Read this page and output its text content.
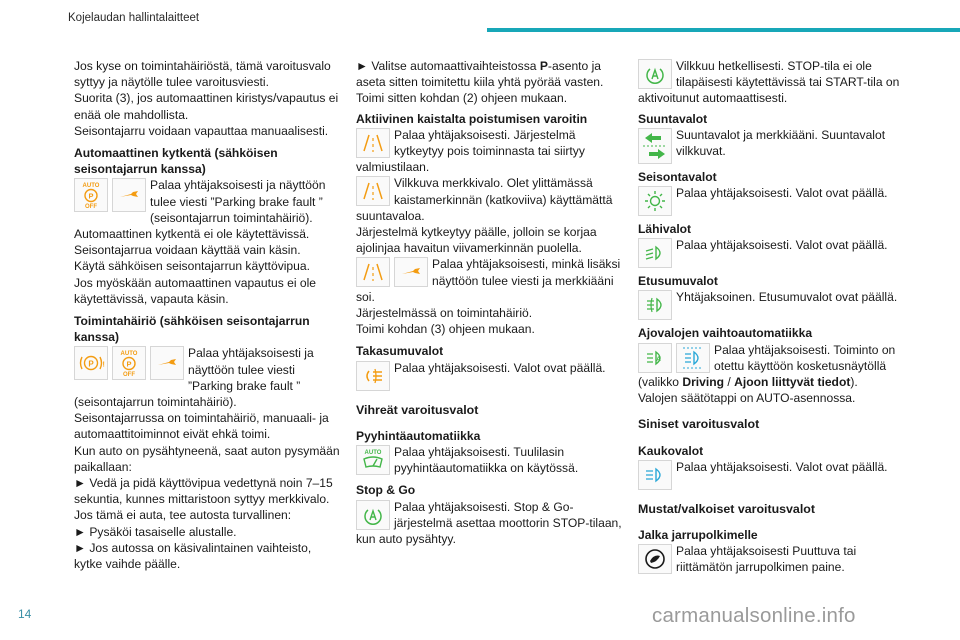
Kojelaudan hallintalaitteet

Jos kyse on toimintahäiriöstä, tämä varoitusvalo syttyy ja näytölle tulee varoitusviesti.

Suorita (3), jos automaattinen kiristys/vapautus ei enää ole mahdollista.

Seisontajarru voidaan vapauttaa manuaalisesti.

Automaattinen kytkentä (sähköisen seisontajarrun kanssa)

AUTO
P
OFF

Palaa yhtäjaksoisesti ja näyttöön tulee viesti ”Parking brake fault ” (seisontajarrun toimintahäiriö).

Automaattinen kytkentä ei ole käytettävissä.

Seisontajarrua voidaan käyttää vain käsin.

Käytä sähköisen seisontajarrun käyttövipua.

Jos myöskään automaattinen vapautus ei ole käytettävissä, vapauta käsin.

Toimintahäiriö (sähköisen seisontajarrun kanssa)

P !
AUTO
P
OFF

Palaa yhtäjaksoisesti ja näyttöön tulee viesti ”Parking brake fault ” (seisontajarrun toimintahäiriö).

Seisontajarrussa on toimintahäiriö, manuaali- ja automaattitoiminnot eivät ehkä toimi.

Kun auto on pysähtyneenä, saat auton pysymään paikallaan:

► Vedä ja pidä käyttövipua vedettynä noin 7–15 sekuntia, kunnes mittaristoon syttyy merkkivalo.

Jos tämä ei auta, tee autosta turvallinen:

► Pysäköi tasaiselle alustalle.

► Jos autossa on käsivalintainen vaihteisto, kytke vaihde päälle.

► Valitse automaattivaihteistossa P-asento ja aseta sitten toimitettu kiila yhtä pyörää vasten. Toimi sitten kohdan (2) ohjeen mukaan.

Aktiivinen kaistalta poistumisen varoitin

Palaa yhtäjaksoisesti. Järjestelmä kytkeytyy pois toiminnasta tai siirtyy valmiustilaan.

Vilkkuva merkkivalo. Olet ylittämässä kaistamerkinnän (katkoviiva) käyttämättä suuntavaloa.

Järjestelmä kytkeytyy päälle, jolloin se korjaa ajolinjaa havaitun viivamerkinnän puolella.

Palaa yhtäjaksoisesti, minkä lisäksi näyttöön tulee viesti ja merkkiääni soi.

Järjestelmässä on toimintahäiriö.

Toimi kohdan (3) ohjeen mukaan.

Takasumuvalot

Palaa yhtäjaksoisesti. Valot ovat päällä.

Vihreät varoitusvalot

Pyyhintäautomatiikka

AUTO	Palaa yhtäjaksoisesti. Tuulilasin pyyhintäautomatiikka on käytössä.

Stop & Go

Palaa yhtäjaksoisesti. Stop & Go-järjestelmä asettaa moottorin STOP-tilaan, kun auto pysähtyy.

Vilkkuu hetkellisesti. STOP-tila ei ole tilapäisesti käytettävissä tai START-tila on aktivoitunut automaattisesti.

Suuntavalot

Suuntavalot ja merkkiääni. Suuntavalot vilkkuvat.

Seisontavalot

Palaa yhtäjaksoisesti. Valot ovat päällä.

Lähivalot

Palaa yhtäjaksoisesti. Valot ovat päällä.

Etusumuvalot

Yhtäjaksoinen. Etusumuvalot ovat päällä.

Ajovalojen vaihtoautomatiikka

A

Palaa yhtäjaksoisesti. Toiminto on otettu käyttöön kosketusnäytöllä (valikko Driving / Ajoon liittyvät tiedot).

Valojen säätötappi on AUTO-asennossa.

Siniset varoitusvalot

Kaukovalot

Palaa yhtäjaksoisesti. Valot ovat päällä.

Mustat/valkoiset varoitusvalot

Jalka jarrupolkimelle

Palaa yhtäjaksoisesti Puuttuva tai riittämätön jarrupolkimen paine.

14	carmanualsonline.info
